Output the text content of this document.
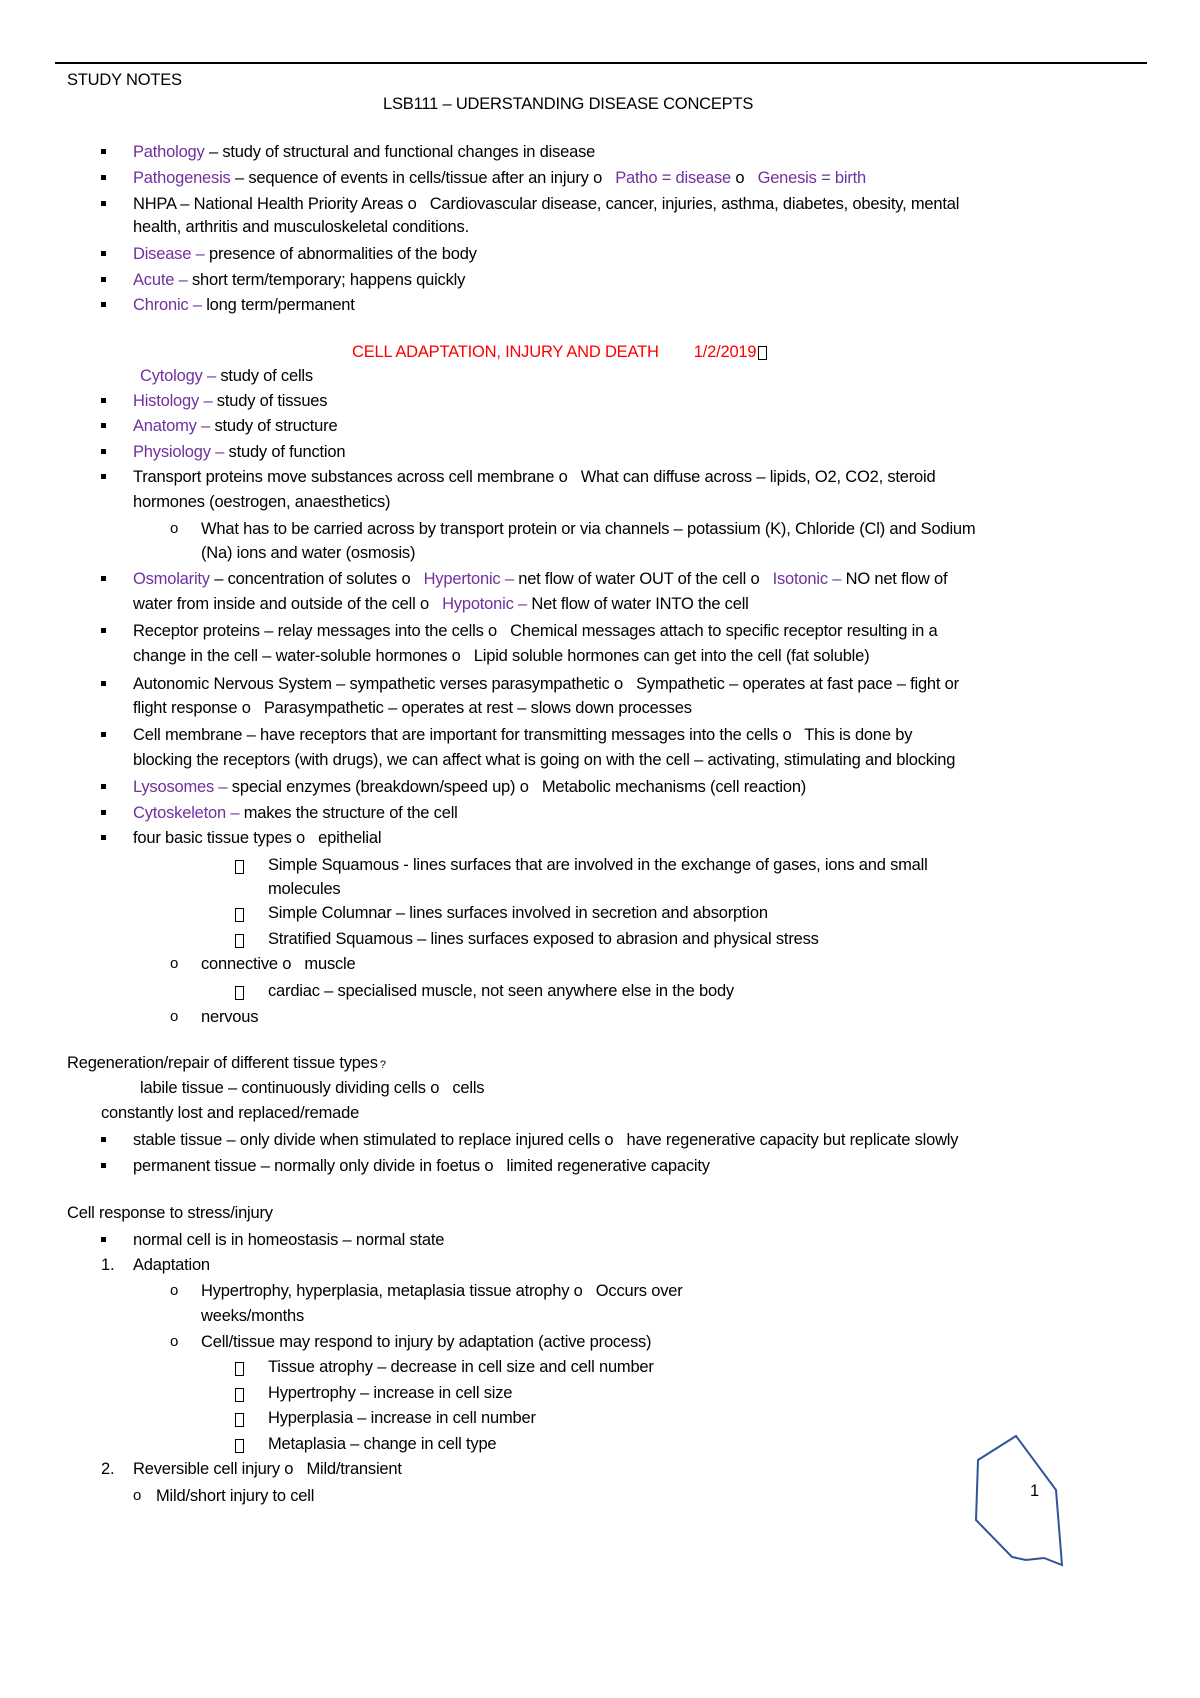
STUDY NOTES
LSB111 – UDERSTANDING DISEASE CONCEPTS
Pathology – study of structural and functional changes in disease
Pathogenesis – sequence of events in cells/tissue after an injury o Patho = disease o Genesis = birth
NHPA – National Health Priority Areas o Cardiovascular disease, cancer, injuries, asthma, diabetes, obesity, mental
health, arthritis and musculoskeletal conditions.
Disease – presence of abnormalities of the body
Acute – short term/temporary; happens quickly
Chronic – long term/permanent
CELL ADAPTATION, INJURY AND DEATH 1/2/2019
Cytology – study of cells
Histology – study of tissues
Anatomy – study of structure
Physiology – study of function
Transport proteins move substances across cell membrane o What can diffuse across – lipids, O2, CO2, steroid
hormones (oestrogen, anaesthetics)
o What has to be carried across by transport protein or via channels – potassium (K), Chloride (Cl) and Sodium
(Na) ions and water (osmosis)
Osmolarity – concentration of solutes o Hypertonic – net flow of water OUT of the cell o Isotonic – NO net flow of
water from inside and outside of the cell o Hypotonic – Net flow of water INTO the cell
Receptor proteins – relay messages into the cells o Chemical messages attach to specific receptor resulting in a
change in the cell – water-soluble hormones o Lipid soluble hormones can get into the cell (fat soluble)
Autonomic Nervous System – sympathetic verses parasympathetic o Sympathetic – operates at fast pace – fight or
flight response o Parasympathetic – operates at rest – slows down processes
Cell membrane – have receptors that are important for transmitting messages into the cells o This is done by
blocking the receptors (with drugs), we can affect what is going on with the cell – activating, stimulating and blocking
Lysosomes – special enzymes (breakdown/speed up) o Metabolic mechanisms (cell reaction)
Cytoskeleton – makes the structure of the cell
four basic tissue types o epithelial
Simple Squamous - lines surfaces that are involved in the exchange of gases, ions and small
molecules
Simple Columnar – lines surfaces involved in secretion and absorption
Stratified Squamous – lines surfaces exposed to abrasion and physical stress
o connective o muscle
cardiac – specialised muscle, not seen anywhere else in the body
o nervous
Regeneration/repair of different tissue types ?
labile tissue – continuously dividing cells o cells
constantly lost and replaced/remade
stable tissue – only divide when stimulated to replace injured cells o have regenerative capacity but replicate slowly
permanent tissue – normally only divide in foetus o limited regenerative capacity
Cell response to stress/injury
normal cell is in homeostasis – normal state
1. Adaptation
o Hypertrophy, hyperplasia, metaplasia tissue atrophy o Occurs over
weeks/months
o Cell/tissue may respond to injury by adaptation (active process)
Tissue atrophy – decrease in cell size and cell number
Hypertrophy – increase in cell size
Hyperplasia – increase in cell number
Metaplasia – change in cell type
2. Reversible cell injury o Mild/transient
o Mild/short injury to cell	1
